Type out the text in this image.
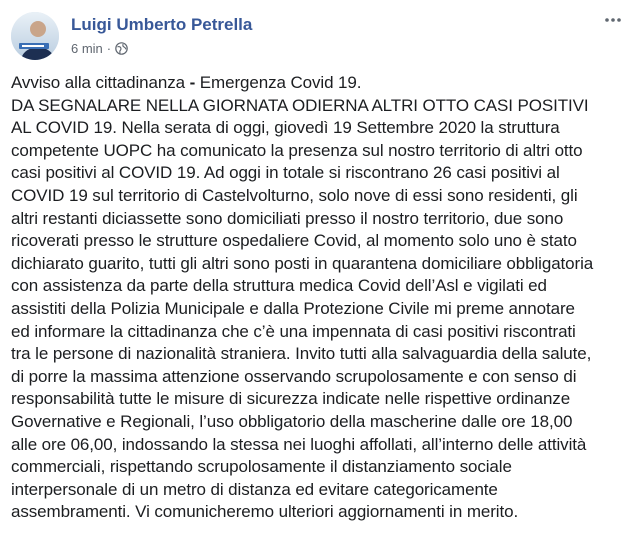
Luigi Umberto Petrella
6 min ·
Avviso alla cittadinanza - Emergenza Covid 19.
DA SEGNALARE NELLA GIORNATA ODIERNA ALTRI OTTO CASI POSITIVI
AL COVID 19. Nella serata di oggi, giovedì 19 Settembre 2020 la struttura
competente UOPC ha comunicato la presenza sul nostro territorio di altri otto
casi positivi al COVID 19. Ad oggi in totale si riscontrano 26 casi positivi al
COVID 19 sul territorio di Castelvolturno, solo nove di essi sono residenti, gli
altri restanti diciassette sono domiciliati presso il nostro territorio, due sono
ricoverati presso le strutture ospedaliere Covid, al momento solo uno è stato
dichiarato guarito, tutti gli altri sono posti in quarantena domiciliare obbligatoria
con assistenza da parte della struttura medica Covid dell’Asl e vigilati ed
assistiti della Polizia Municipale e dalla Protezione Civile mi preme annotare
ed informare la cittadinanza che c’è una impennata di casi positivi riscontrati
tra le persone di nazionalità straniera. Invito tutti alla salvaguardia della salute,
di porre la massima attenzione osservando scrupolosamente e con senso di
responsabilità tutte le misure di sicurezza indicate nelle rispettive ordinanze
Governative e Regionali, l’uso obbligatorio della mascherine dalle ore 18,00
alle ore 06,00, indossando la stessa nei luoghi affollati, all’interno delle attività
commerciali, rispettando scrupolosamente il distanziamento sociale
interpersonale di un metro di distanza ed evitare categoricamente
assembramenti. Vi comunicheremo ulteriori aggiornamenti in merito.
